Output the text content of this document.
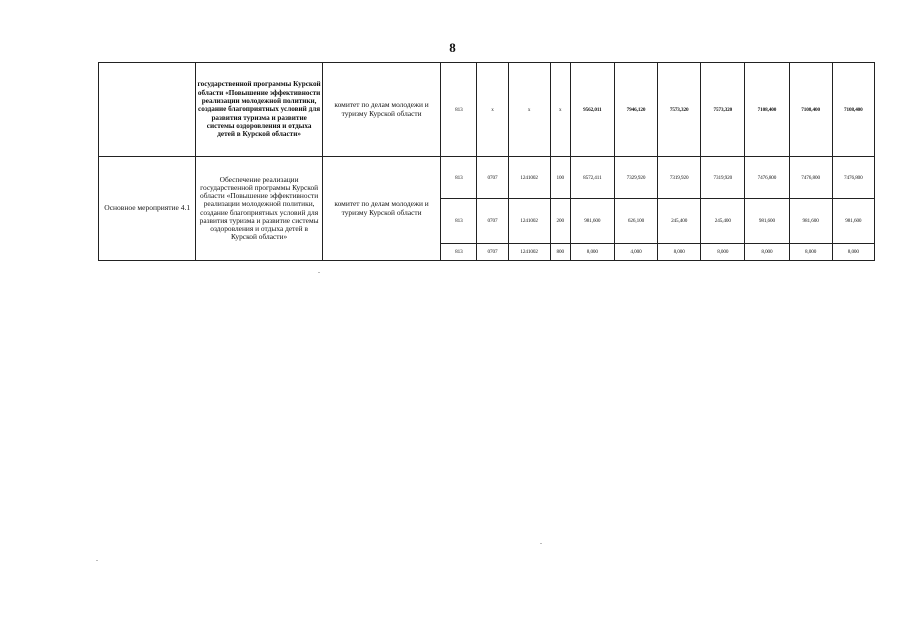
8
	государственной программы Курской области «Повышение эффективности реализации молодежной политики, создание благоприятных условий для развития туризма и развитие системы оздоровления и отдыха детей в Курской области»	комитет по делам молодежи и туризму Курской области	813	x	x	x	9562,011	7946,120	7573,320	7573,320	7108,400	7108,400	7108,400
Основное мероприятие 4.1	Обеспечение реализации государственной программы Курской области «Повышение эффективности реализации молодежной политики, создание благоприятных условий для развития туризма и развитие системы оздоровления и отдыха детей в Курской области»	комитет по делам молодежи и туризму Курской области	813	0707	1241002	100	8572,411	7329,920	7319,920	7319,920	7476,800	7476,800	7476,800
			813	0707	1241002	200	981,600	626,100	245,400	245,400	981,600	981,600	981,600
			813	0707	1241002	800	8,000	4,000	8,000	8,000	8,000	8,000	8,000
